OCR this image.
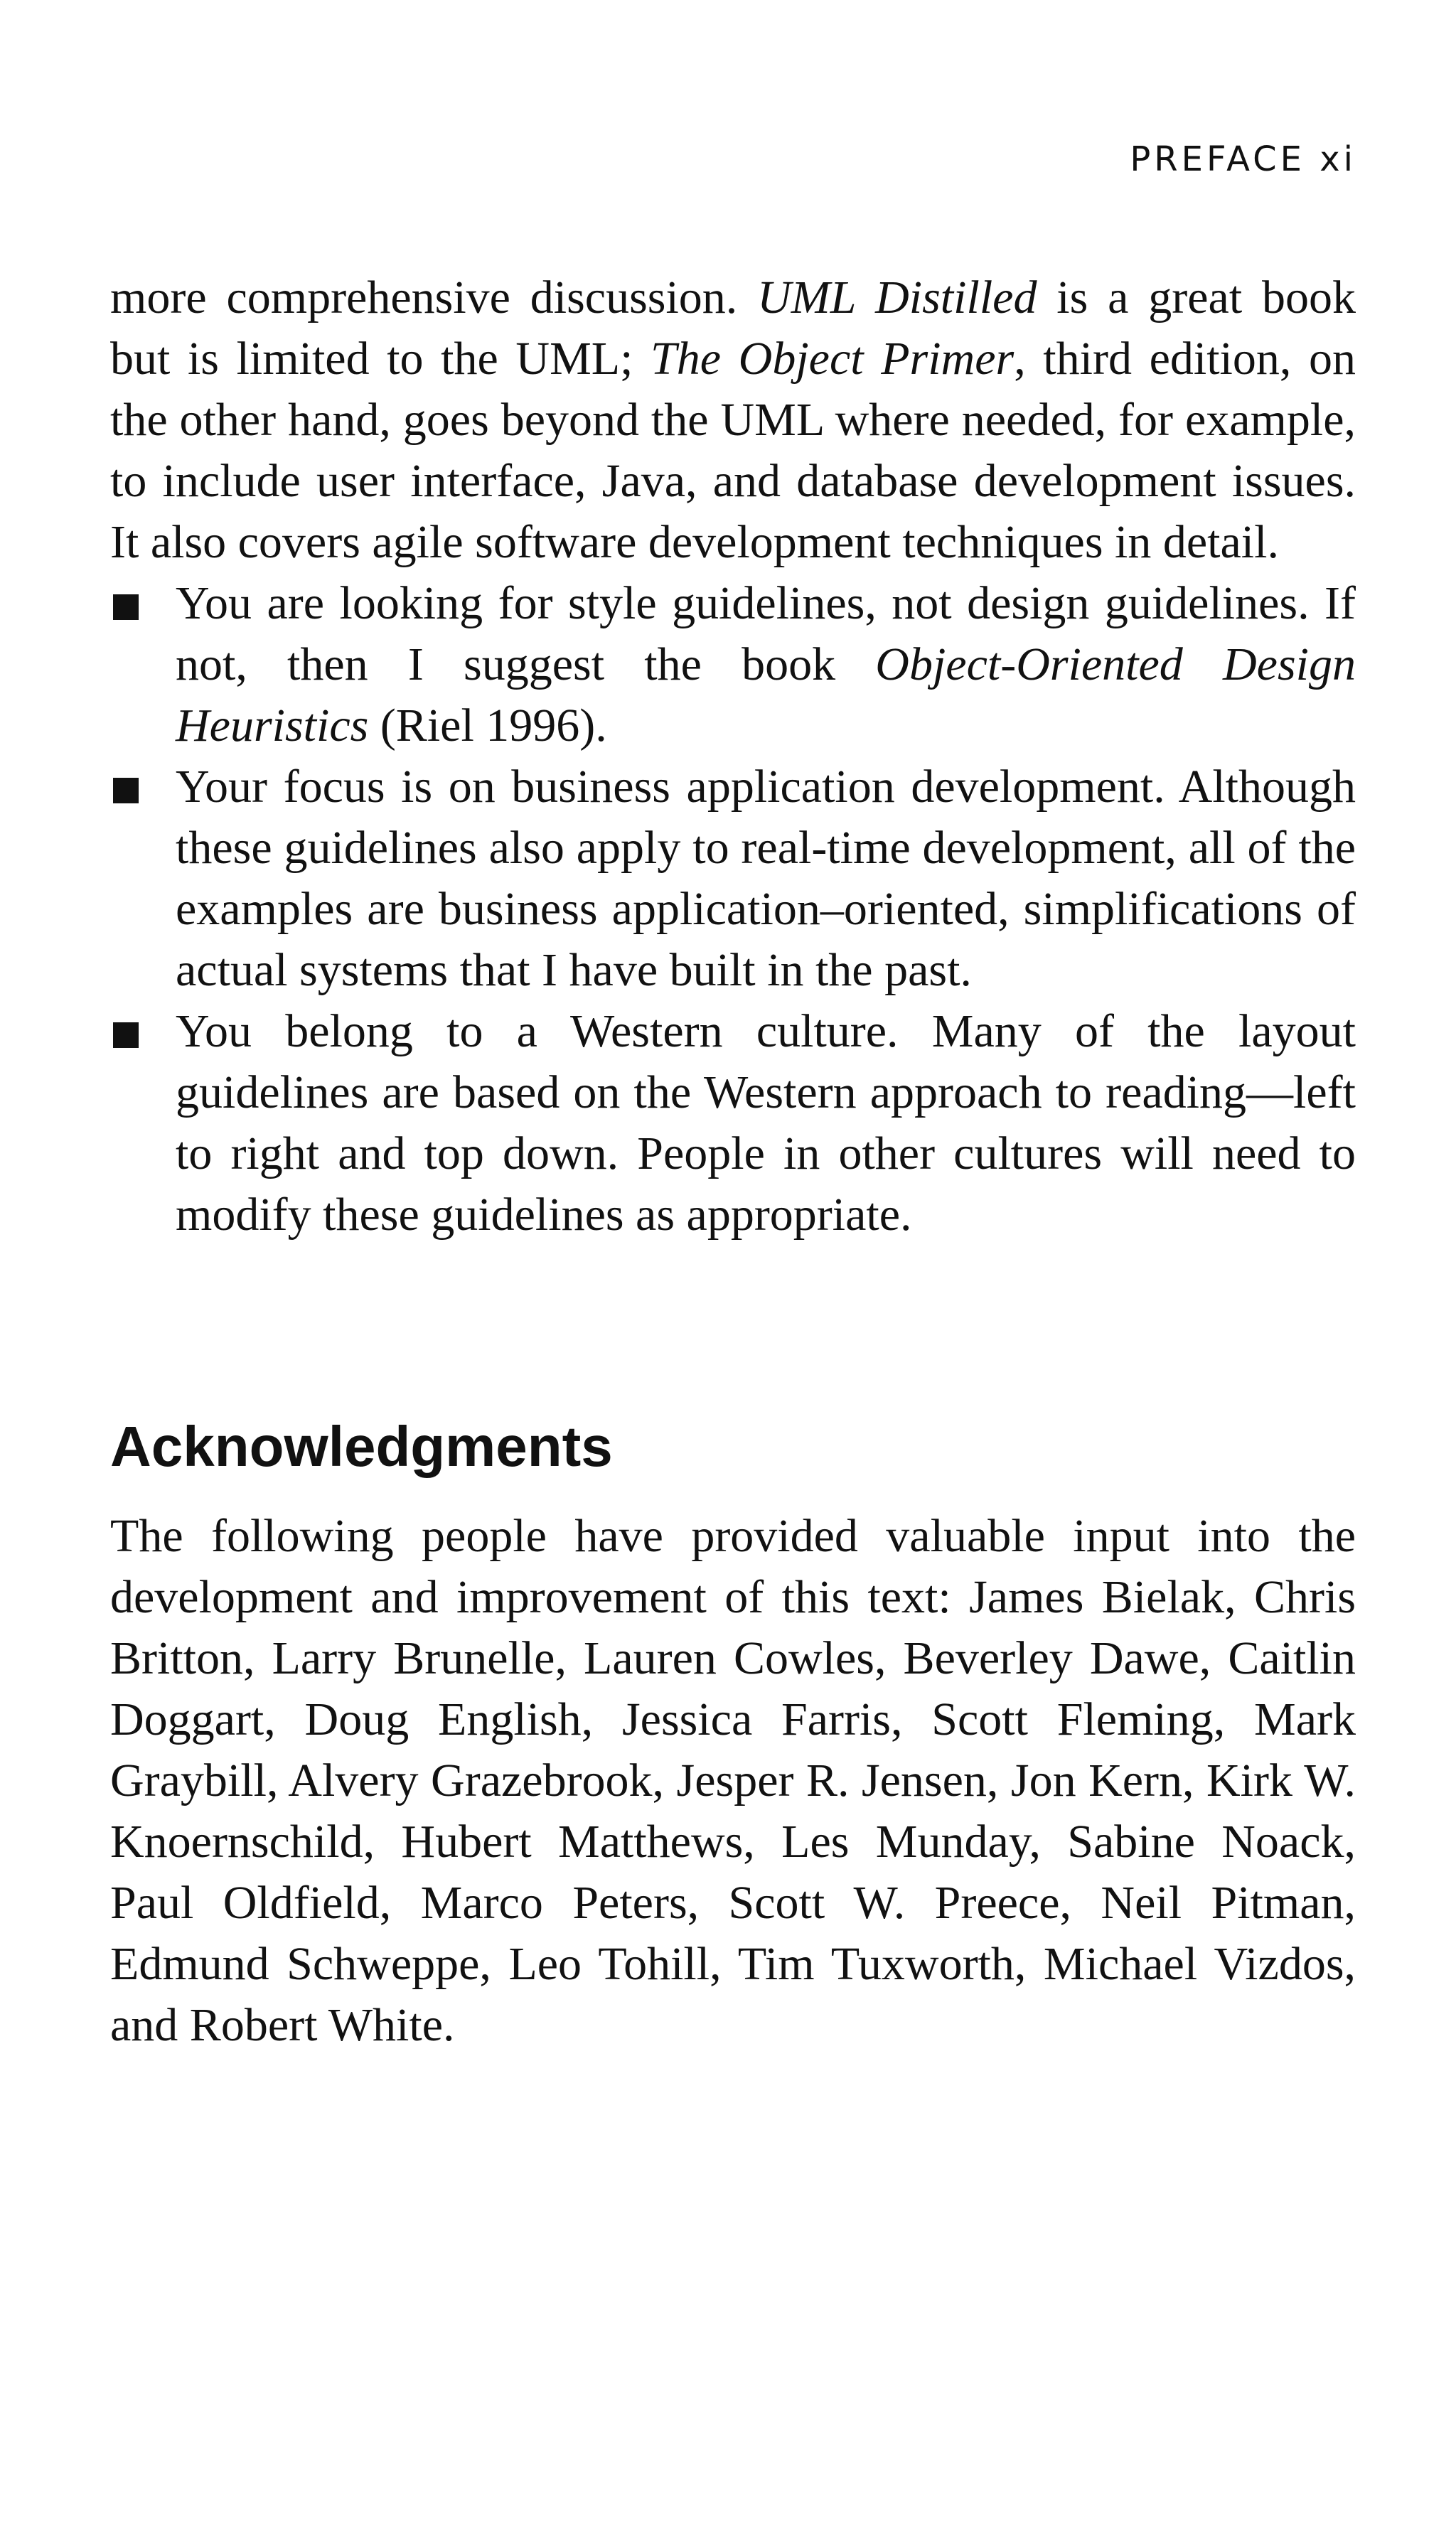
PREFACE xi

more comprehensive discussion. UML Distilled is a great book but is limited to the UML; The Object Primer, third edition, on the other hand, goes beyond the UML where needed, for example, to include user interface, Java, and database development issues. It also covers agile software development techniques in detail.

You are looking for style guidelines, not design guidelines. If not, then I suggest the book Object-Oriented Design Heuristics (Riel 1996).
Your focus is on business application development. Although these guidelines also apply to real-time development, all of the examples are business application–oriented, simplifications of actual systems that I have built in the past.
You belong to a Western culture. Many of the layout guidelines are based on the Western approach to reading—left to right and top down. People in other cultures will need to modify these guidelines as appropriate.
Acknowledgments

The following people have provided valuable input into the development and improvement of this text: James Bielak, Chris Britton, Larry Brunelle, Lauren Cowles, Beverley Dawe, Caitlin Doggart, Doug English, Jessica Farris, Scott Fleming, Mark Graybill, Alvery Grazebrook, Jesper R. Jensen, Jon Kern, Kirk W. Knoernschild, Hubert Matthews, Les Munday, Sabine Noack, Paul Oldfield, Marco Peters, Scott W. Preece, Neil Pitman, Edmund Schweppe, Leo Tohill, Tim Tuxworth, Michael Vizdos, and Robert White.
